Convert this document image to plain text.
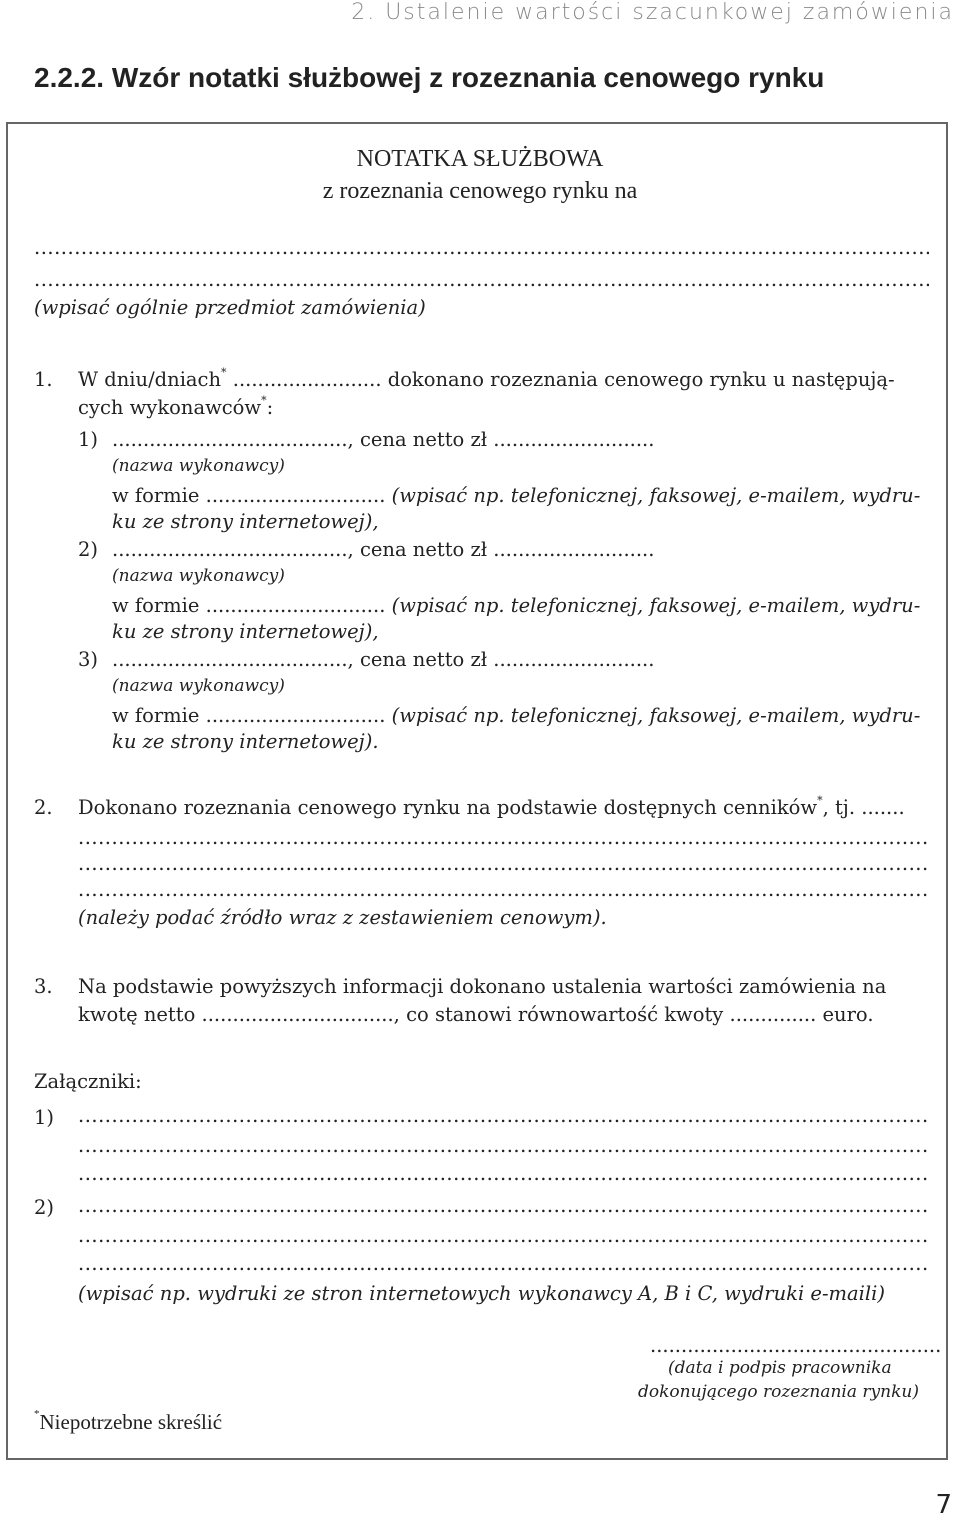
2. Ustalenie wartości szacunkowej zamówienia
2.2.2. Wzór notatki służbowej z rozeznania cenowego rynku
NOTATKA SŁUŻBOWA
z rozeznania cenowego rynku na
.....
.....
(wpisać ogólnie przedmiot zamówienia)
1. W dniu/dniach* ........................ dokonano rozeznania cenowego rynku u następują-
cych wykonawców*:
1) ......................................, cena netto zł ..........................
(nazwa wykonawcy)
w formie ............................. (wpisać np. telefonicznej, faksowej, e-mailem, wydru-
ku ze strony internetowej),
2) ......................................, cena netto zł ..........................
(nazwa wykonawcy)
w formie ............................. (wpisać np. telefonicznej, faksowej, e-mailem, wydru-
ku ze strony internetowej),
3) ......................................, cena netto zł ..........................
(nazwa wykonawcy)
w formie ............................. (wpisać np. telefonicznej, faksowej, e-mailem, wydru-
ku ze strony internetowej).
2. Dokonano rozeznania cenowego rynku na podstawie dostępnych cenników*, tj. .......
.....
.....
.....
(należy podać źródło wraz z zestawieniem cenowym).
3. Na podstawie powyższych informacji dokonano ustalenia wartości zamówienia na
kwotę netto ..............................., co stanowi równowartość kwoty .............. euro.
Załączniki:
1)
.....
.....
.....
2)
.....
.....
.....
(wpisać np. wydruki ze stron internetowych wykonawcy A, B i C, wydruki e-maili)
...............................................
(data i podpis pracownika
dokonującego rozeznania rynku)
*Niepotrzebne skreślić
7
